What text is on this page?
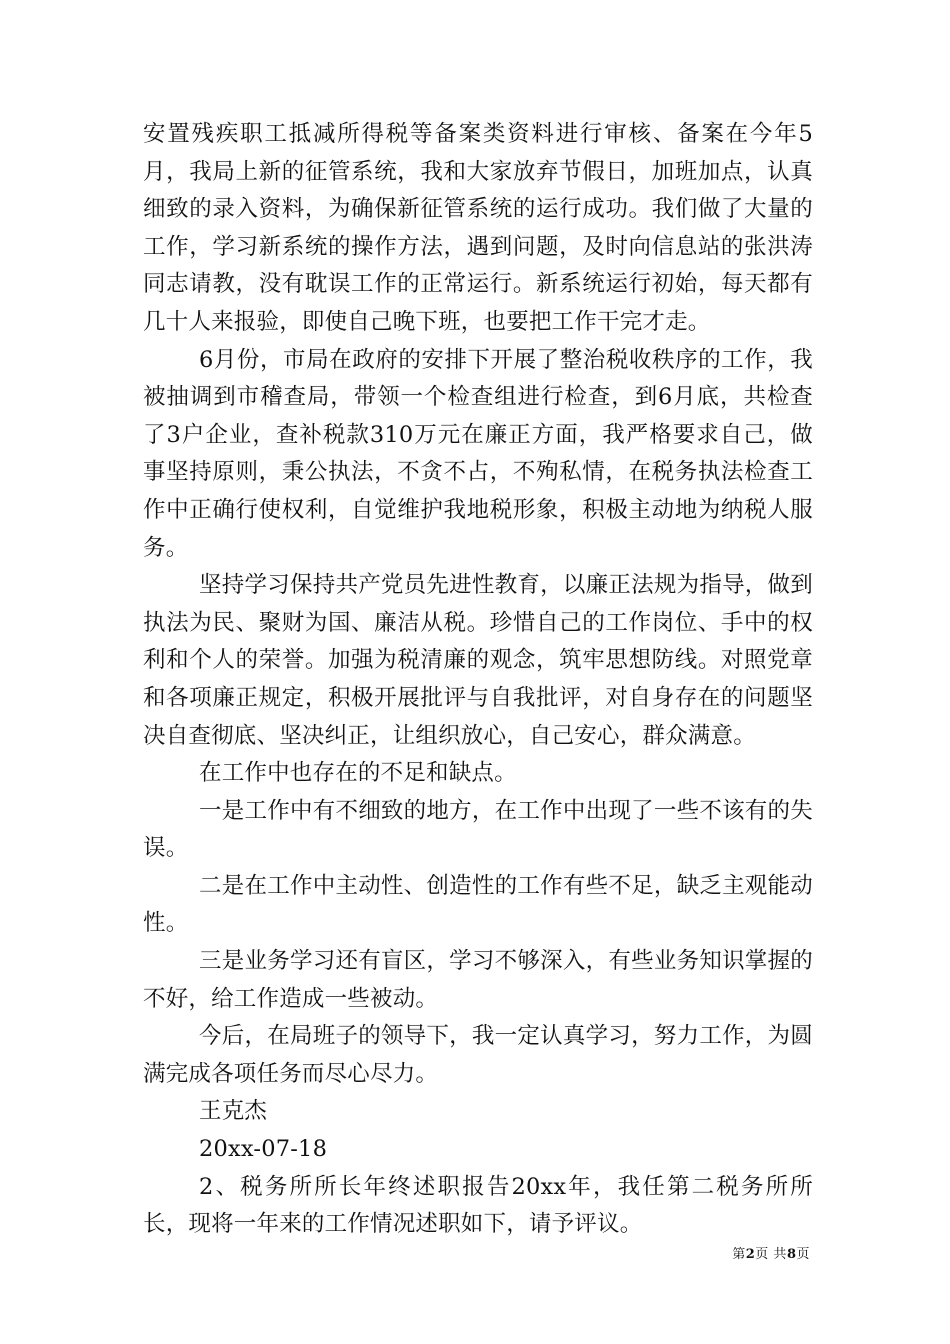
安置残疾职工抵减所得税等备案类资料进行审核、备案在今年5月，我局上新的征管系统，我和大家放弃节假日，加班加点，认真细致的录入资料，为确保新征管系统的运行成功。我们做了大量的工作，学习新系统的操作方法，遇到问题，及时向信息站的张洪涛同志请教，没有耽误工作的正常运行。新系统运行初始，每天都有几十人来报验，即使自己晚下班，也要把工作干完才走。

6月份，市局在政府的安排下开展了整治税收秩序的工作，我被抽调到市稽查局，带领一个检查组进行检查，到6月底，共检查了3户企业，查补税款310万元在廉正方面，我严格要求自己，做事坚持原则，秉公执法，不贪不占，不殉私情，在税务执法检查工作中正确行使权利，自觉维护我地税形象，积极主动地为纳税人服务。

坚持学习保持共产党员先进性教育，以廉正法规为指导，做到执法为民、聚财为国、廉洁从税。珍惜自己的工作岗位、手中的权利和个人的荣誉。加强为税清廉的观念，筑牢思想防线。对照党章和各项廉正规定，积极开展批评与自我批评，对自身存在的问题坚决自查彻底、坚决纠正，让组织放心，自己安心，群众满意。

在工作中也存在的不足和缺点。

一是工作中有不细致的地方，在工作中出现了一些不该有的失误。

二是在工作中主动性、创造性的工作有些不足，缺乏主观能动性。

三是业务学习还有盲区，学习不够深入，有些业务知识掌握的不好，给工作造成一些被动。

今后，在局班子的领导下，我一定认真学习，努力工作，为圆满完成各项任务而尽心尽力。

王克杰

20xx-07-18

2、税务所所长年终述职报告20xx年，我任第二税务所所长，现将一年来的工作情况述职如下，请予评议。

第2页 共8页
